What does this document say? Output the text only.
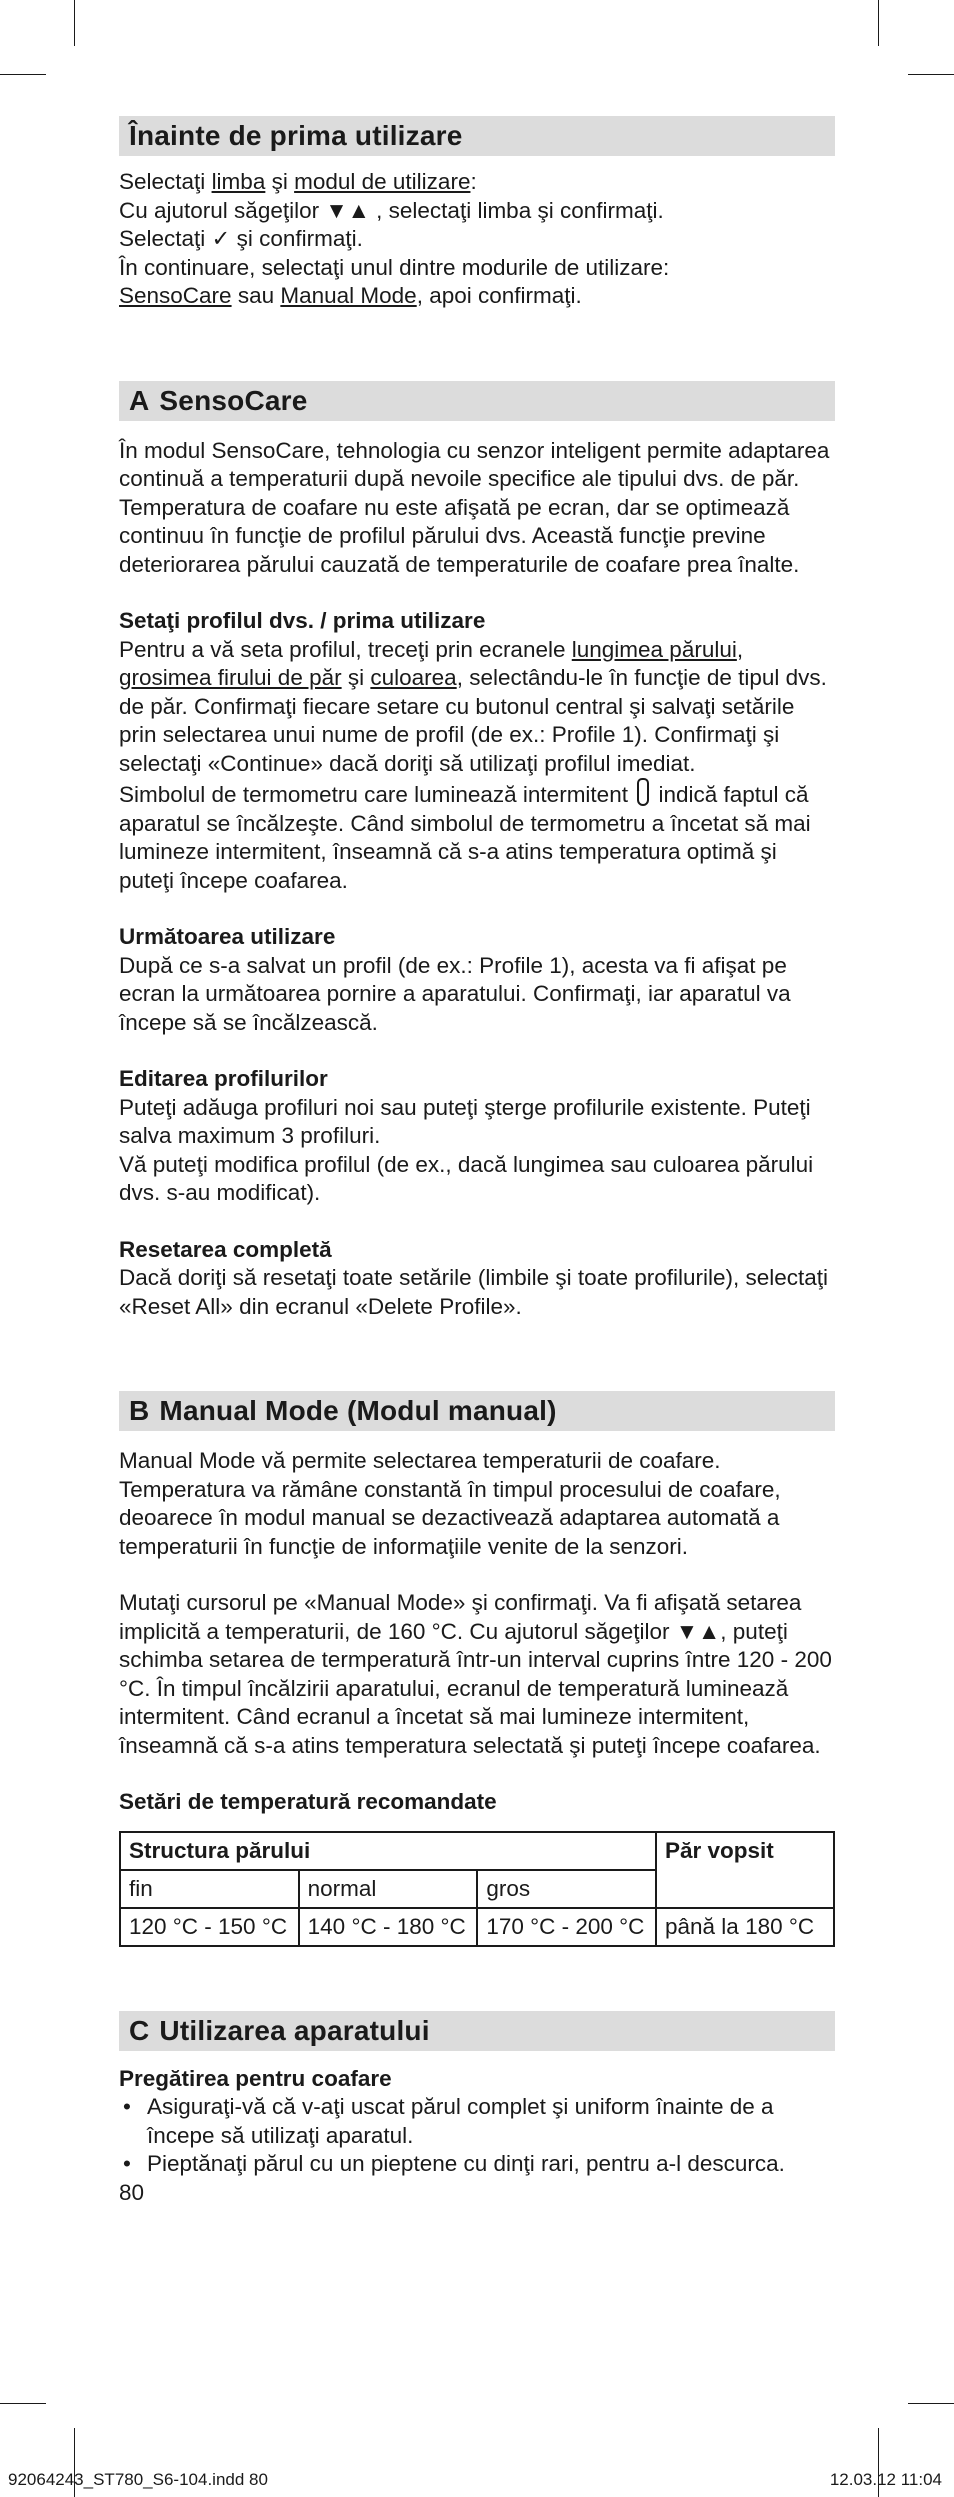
Înainte de prima utilizare

Selectaţi limba şi modul de utilizare:

Cu ajutorul săgeţilor ▼▲ , selectaţi limba şi confirmaţi.

Selectaţi ✓ şi confirmaţi.

În continuare, selectaţi unul dintre modurile de utilizare:

SensoCare sau Manual Mode, apoi confirmaţi.

A SensoCare

În modul SensoCare, tehnologia cu senzor inteligent permite adaptarea continuă a temperaturii după nevoile specifice ale tipului dvs. de păr. Temperatura de coafare nu este afişată pe ecran, dar se optimează continuu în funcţie de profilul părului dvs. Această funcţie previne deteriorarea părului cauzată de temperaturile de coafare prea înalte.

Setaţi profilul dvs. / prima utilizare

Pentru a vă seta profilul, treceţi prin ecranele lungimea părului, grosimea firului de păr şi culoarea, selectându-le în funcţie de tipul dvs. de păr. Confirmaţi fiecare setare cu butonul central şi salvaţi setările prin selectarea unui nume de profil (de ex.: Profile 1). Confirmaţi şi selectaţi «Continue» dacă doriţi să utilizaţi profilul imediat.

Simbolul de termometru care luminează intermitent  indică faptul că aparatul se încălzeşte. Când simbolul de termometru a încetat să mai lumineze intermitent, înseamnă că s-a atins temperatura optimă şi puteţi începe coafarea.

Următoarea utilizare

După ce s-a salvat un profil (de ex.: Profile 1), acesta va fi afişat pe ecran la următoarea pornire a aparatului. Confirmaţi, iar aparatul va începe să se încălzească.

Editarea profilurilor

Puteţi adăuga profiluri noi sau puteţi şterge profilurile existente. Puteţi salva maximum 3 profiluri.

Vă puteţi modifica profilul (de ex., dacă lungimea sau culoarea părului dvs. s-au modificat).

Resetarea completă

Dacă doriţi să resetaţi toate setările (limbile şi toate profilurile), selectaţi «Reset All» din ecranul «Delete Profile».

B Manual Mode (Modul manual)

Manual Mode vă permite selectarea temperaturii de coafare. Temperatura va rămâne constantă în timpul procesului de coafare, deoarece în modul manual se dezactivează adaptarea automată a temperaturii în funcţie de informaţiile venite de la senzori.

Mutaţi cursorul pe «Manual Mode» şi confirmaţi. Va fi afişată setarea implicită a temperaturii, de 160 °C. Cu ajutorul săgeţilor ▼▲, puteţi schimba setarea de termperatură într-un interval cuprins între 120 - 200 °C. În timpul încălzirii aparatului, ecranul de temperatură luminează intermitent. Când ecranul a încetat să mai lumineze intermitent, înseamnă că s-a atins temperatura selectată şi puteţi începe coafarea.

Setări de temperatură recomandate

Structura părului			Păr vopsit
fin	normal	gros	
120 °C - 150 °C	140 °C - 180 °C	170 °C - 200 °C	până la 180 °C
C Utilizarea aparatului

Pregătirea pentru coafare

• Asiguraţi-vă că v-aţi uscat părul complet şi uniform înainte de a începe să utilizaţi aparatul.
• Pieptănaţi părul cu un pieptene cu dinţi rari, pentru a-l descurca.

80

92064243_ST780_S6-104.indd 80	12.03.12 11:04
